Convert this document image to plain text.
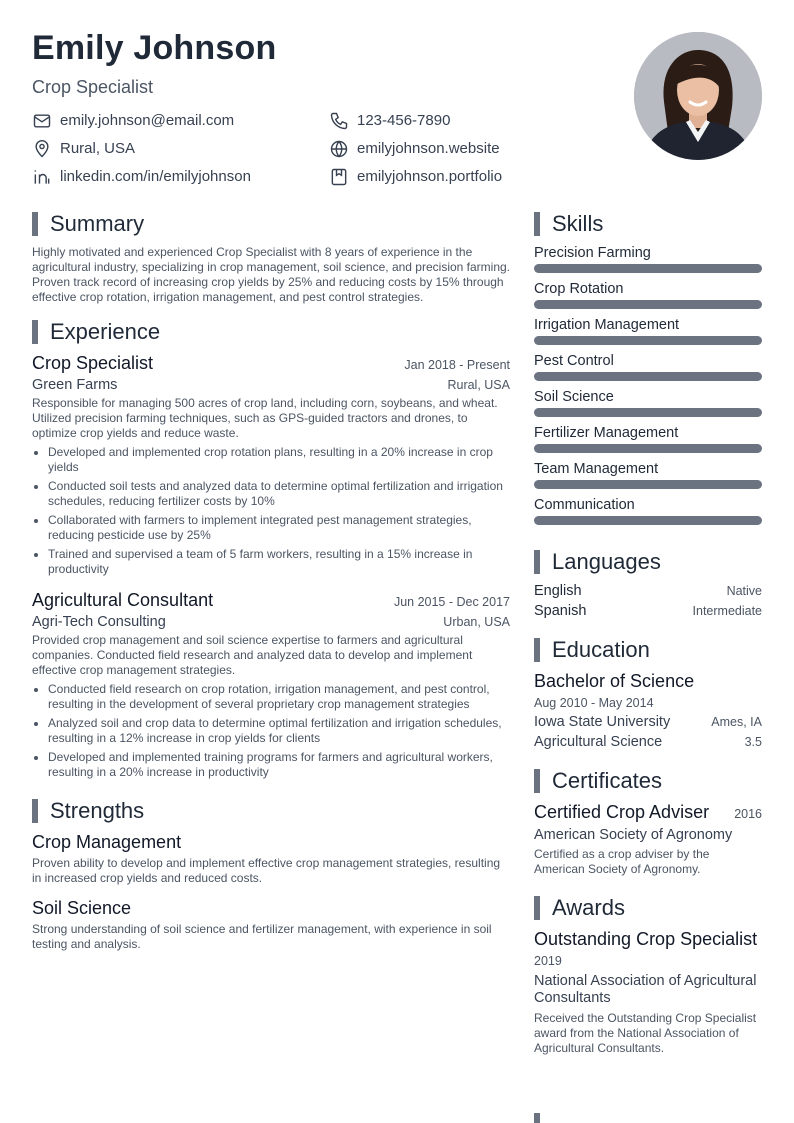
Emily Johnson
Crop Specialist
emily.johnson@email.com	123-456-7890
Rural, USA	emilyjohnson.website
linkedin.com/in/emilyjohnson	emilyjohnson.portfolio
Summary
Highly motivated and experienced Crop Specialist with 8 years of experience in the agricultural industry, specializing in crop management, soil science, and precision farming. Proven track record of increasing crop yields by 25% and reducing costs by 15% through effective crop rotation, irrigation management, and pest control strategies.
Experience
Crop Specialist	Jan 2018 - Present
Green Farms	Rural, USA
Responsible for managing 500 acres of crop land, including corn, soybeans, and wheat. Utilized precision farming techniques, such as GPS-guided tractors and drones, to optimize crop yields and reduce waste.
• Developed and implemented crop rotation plans, resulting in a 20% increase in crop yields
• Conducted soil tests and analyzed data to determine optimal fertilization and irrigation schedules, reducing fertilizer costs by 10%
• Collaborated with farmers to implement integrated pest management strategies, reducing pesticide use by 25%
• Trained and supervised a team of 5 farm workers, resulting in a 15% increase in productivity
Agricultural Consultant	Jun 2015 - Dec 2017
Agri-Tech Consulting	Urban, USA
Provided crop management and soil science expertise to farmers and agricultural companies. Conducted field research and analyzed data to develop and implement effective crop management strategies.
• Conducted field research on crop rotation, irrigation management, and pest control, resulting in the development of several proprietary crop management strategies
• Analyzed soil and crop data to determine optimal fertilization and irrigation schedules, resulting in a 12% increase in crop yields for clients
• Developed and implemented training programs for farmers and agricultural workers, resulting in a 20% increase in productivity
Strengths
Crop Management
Proven ability to develop and implement effective crop management strategies, resulting in increased crop yields and reduced costs.
Soil Science
Strong understanding of soil science and fertilizer management, with experience in soil testing and analysis.
Skills
Precision Farming
Crop Rotation
Irrigation Management
Pest Control
Soil Science
Fertilizer Management
Team Management
Communication
Languages
English	Native
Spanish	Intermediate
Education
Bachelor of Science
Aug 2010 - May 2014
Iowa State University	Ames, IA
Agricultural Science	3.5
Certificates
Certified Crop Adviser 2016
American Society of Agronomy
Certified as a crop adviser by the American Society of Agronomy.
Awards
Outstanding Crop Specialist
2019
National Association of Agricultural Consultants
Received the Outstanding Crop Specialist award from the National Association of Agricultural Consultants.
